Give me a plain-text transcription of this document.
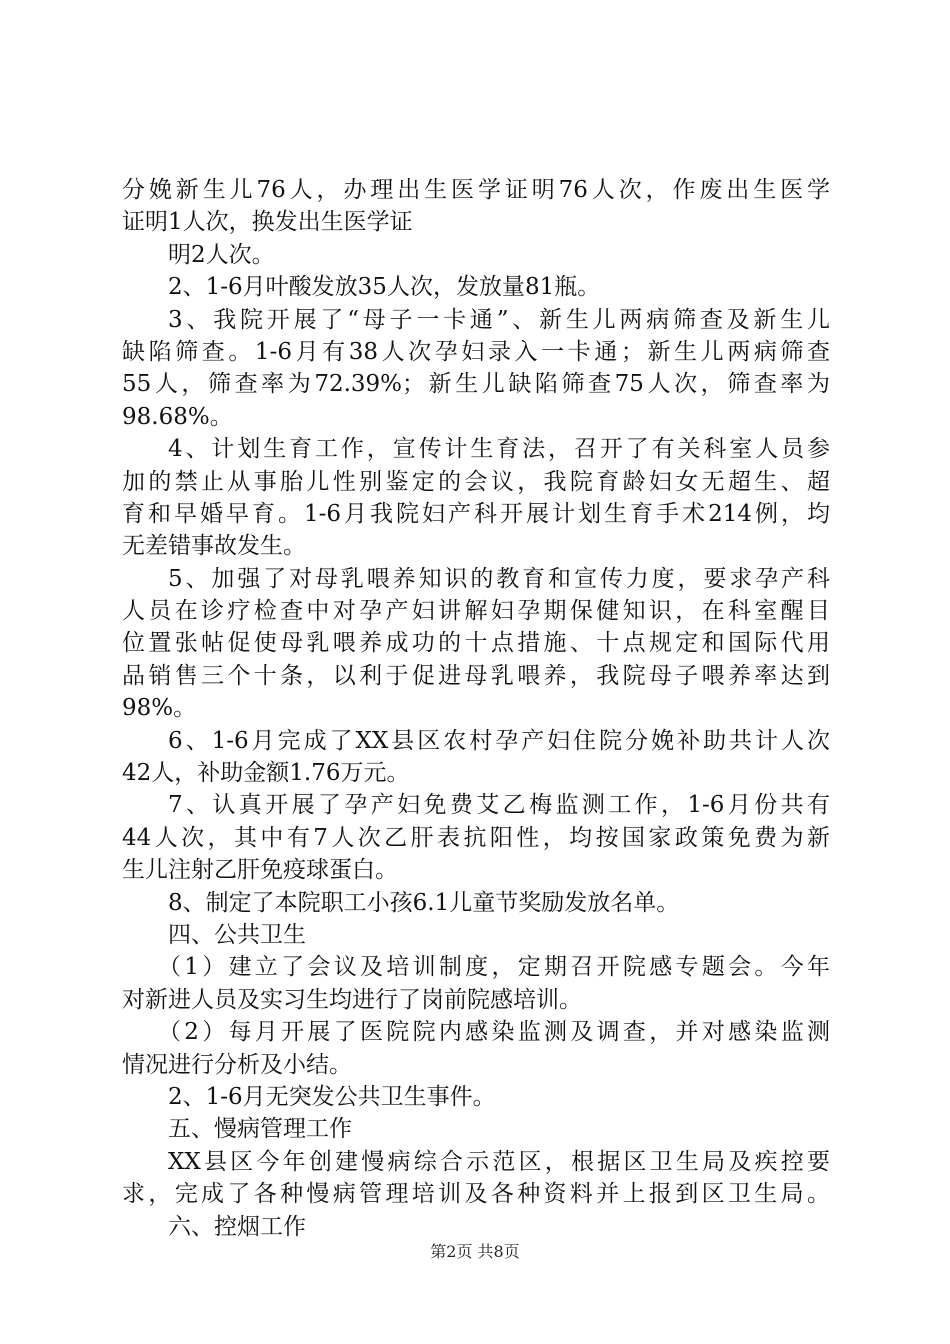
分娩新生儿76人，办理出生医学证明76人次，作废出生医学
证明1人次，换发出生医学证
明2人次。
2、1-6月叶酸发放35人次，发放量81瓶。
3、我院开展了“母子一卡通”、新生儿两病筛查及新生儿
缺陷筛查。1-6月有38人次孕妇录入一卡通；新生儿两病筛查
55人，筛查率为72.39%；新生儿缺陷筛查75人次，筛查率为
98.68%。
4、计划生育工作，宣传计生育法，召开了有关科室人员参
加的禁止从事胎儿性别鉴定的会议，我院育龄妇女无超生、超
育和早婚早育。1-6月我院妇产科开展计划生育手术214例，均
无差错事故发生。
5、加强了对母乳喂养知识的教育和宣传力度，要求孕产科
人员在诊疗检查中对孕产妇讲解妇孕期保健知识，在科室醒目
位置张帖促使母乳喂养成功的十点措施、十点规定和国际代用
品销售三个十条，以利于促进母乳喂养，我院母子喂养率达到
98%。
6、1-6月完成了XX县区农村孕产妇住院分娩补助共计人次
42人，补助金额1.76万元。
7、认真开展了孕产妇免费艾乙梅监测工作，1-6月份共有
44人次，其中有7人次乙肝表抗阳性，均按国家政策免费为新
生儿注射乙肝免疫球蛋白。
8、制定了本院职工小孩6.1儿童节奖励发放名单。
四、公共卫生
（1）建立了会议及培训制度，定期召开院感专题会。今年
对新进人员及实习生均进行了岗前院感培训。
（2）每月开展了医院院内感染监测及调查，并对感染监测
情况进行分析及小结。
2、1-6月无突发公共卫生事件。
五、慢病管理工作
XX县区今年创建慢病综合示范区，根据区卫生局及疾控要
求，完成了各种慢病管理培训及各种资料并上报到区卫生局。
六、控烟工作
第2页 共8页
